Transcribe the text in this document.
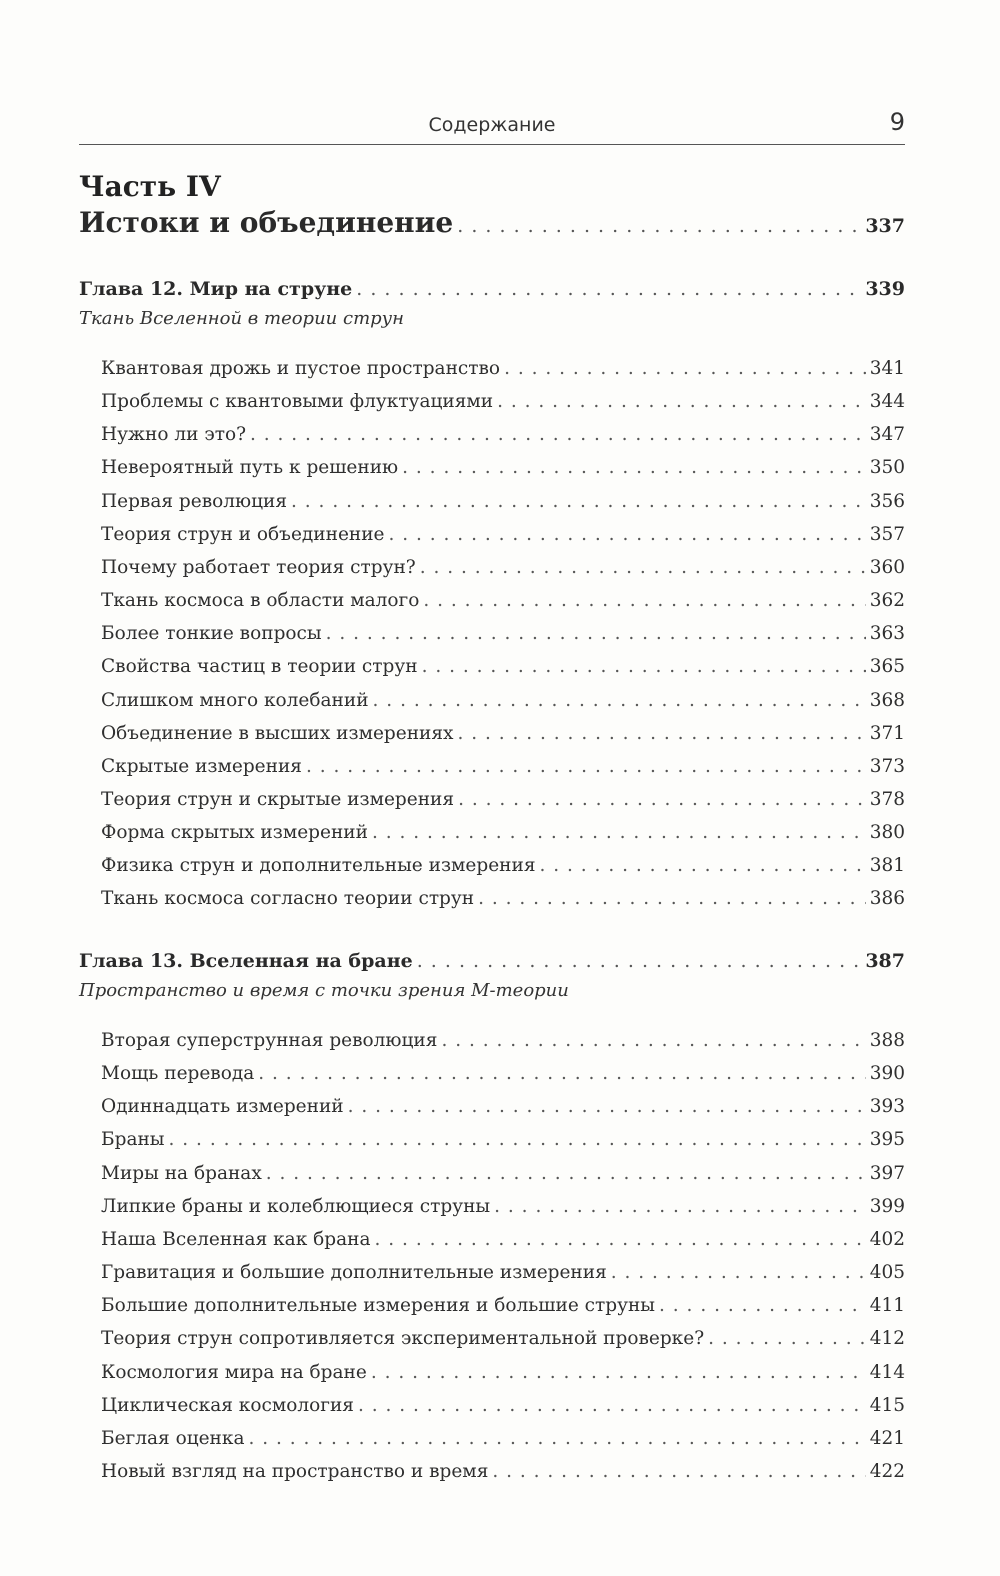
Содержание	9
Часть IV
Истоки и объединение . . .	337
Глава 12. Мир на струне . . .	339
Ткань Вселенной в теории струн
Квантовая дрожь и пустое пространство . . .	341
Проблемы с квантовыми флуктуациями . . .	344
Нужно ли это? . . .	347
Невероятный путь к решению . . .	350
Первая революция . . .	356
Теория струн и объединение . . .	357
Почему работает теория струн? . . .	360
Ткань космоса в области малого . . .	362
Более тонкие вопросы . . .	363
Свойства частиц в теории струн . . .	365
Слишком много колебаний . . .	368
Объединение в высших измерениях . . .	371
Скрытые измерения . . .	373
Теория струн и скрытые измерения . . .	378
Форма скрытых измерений . . .	380
Физика струн и дополнительные измерения . . .	381
Ткань космоса согласно теории струн . . .	386
Глава 13. Вселенная на бране . . .	387
Пространство и время с точки зрения М-теории
Вторая суперструнная революция . . .	388
Мощь перевода . . .	390
Одиннадцать измерений . . .	393
Браны . . .	395
Миры на бранах . . .	397
Липкие браны и колеблющиеся струны . . .	399
Наша Вселенная как брана . . .	402
Гравитация и большие дополнительные измерения . . .	405
Большие дополнительные измерения и большие струны . . .	411
Теория струн сопротивляется экспериментальной проверке? . . .	412
Космология мира на бране . . .	414
Циклическая космология . . .	415
Беглая оценка . . .	421
Новый взгляд на пространство и время . . .	422
